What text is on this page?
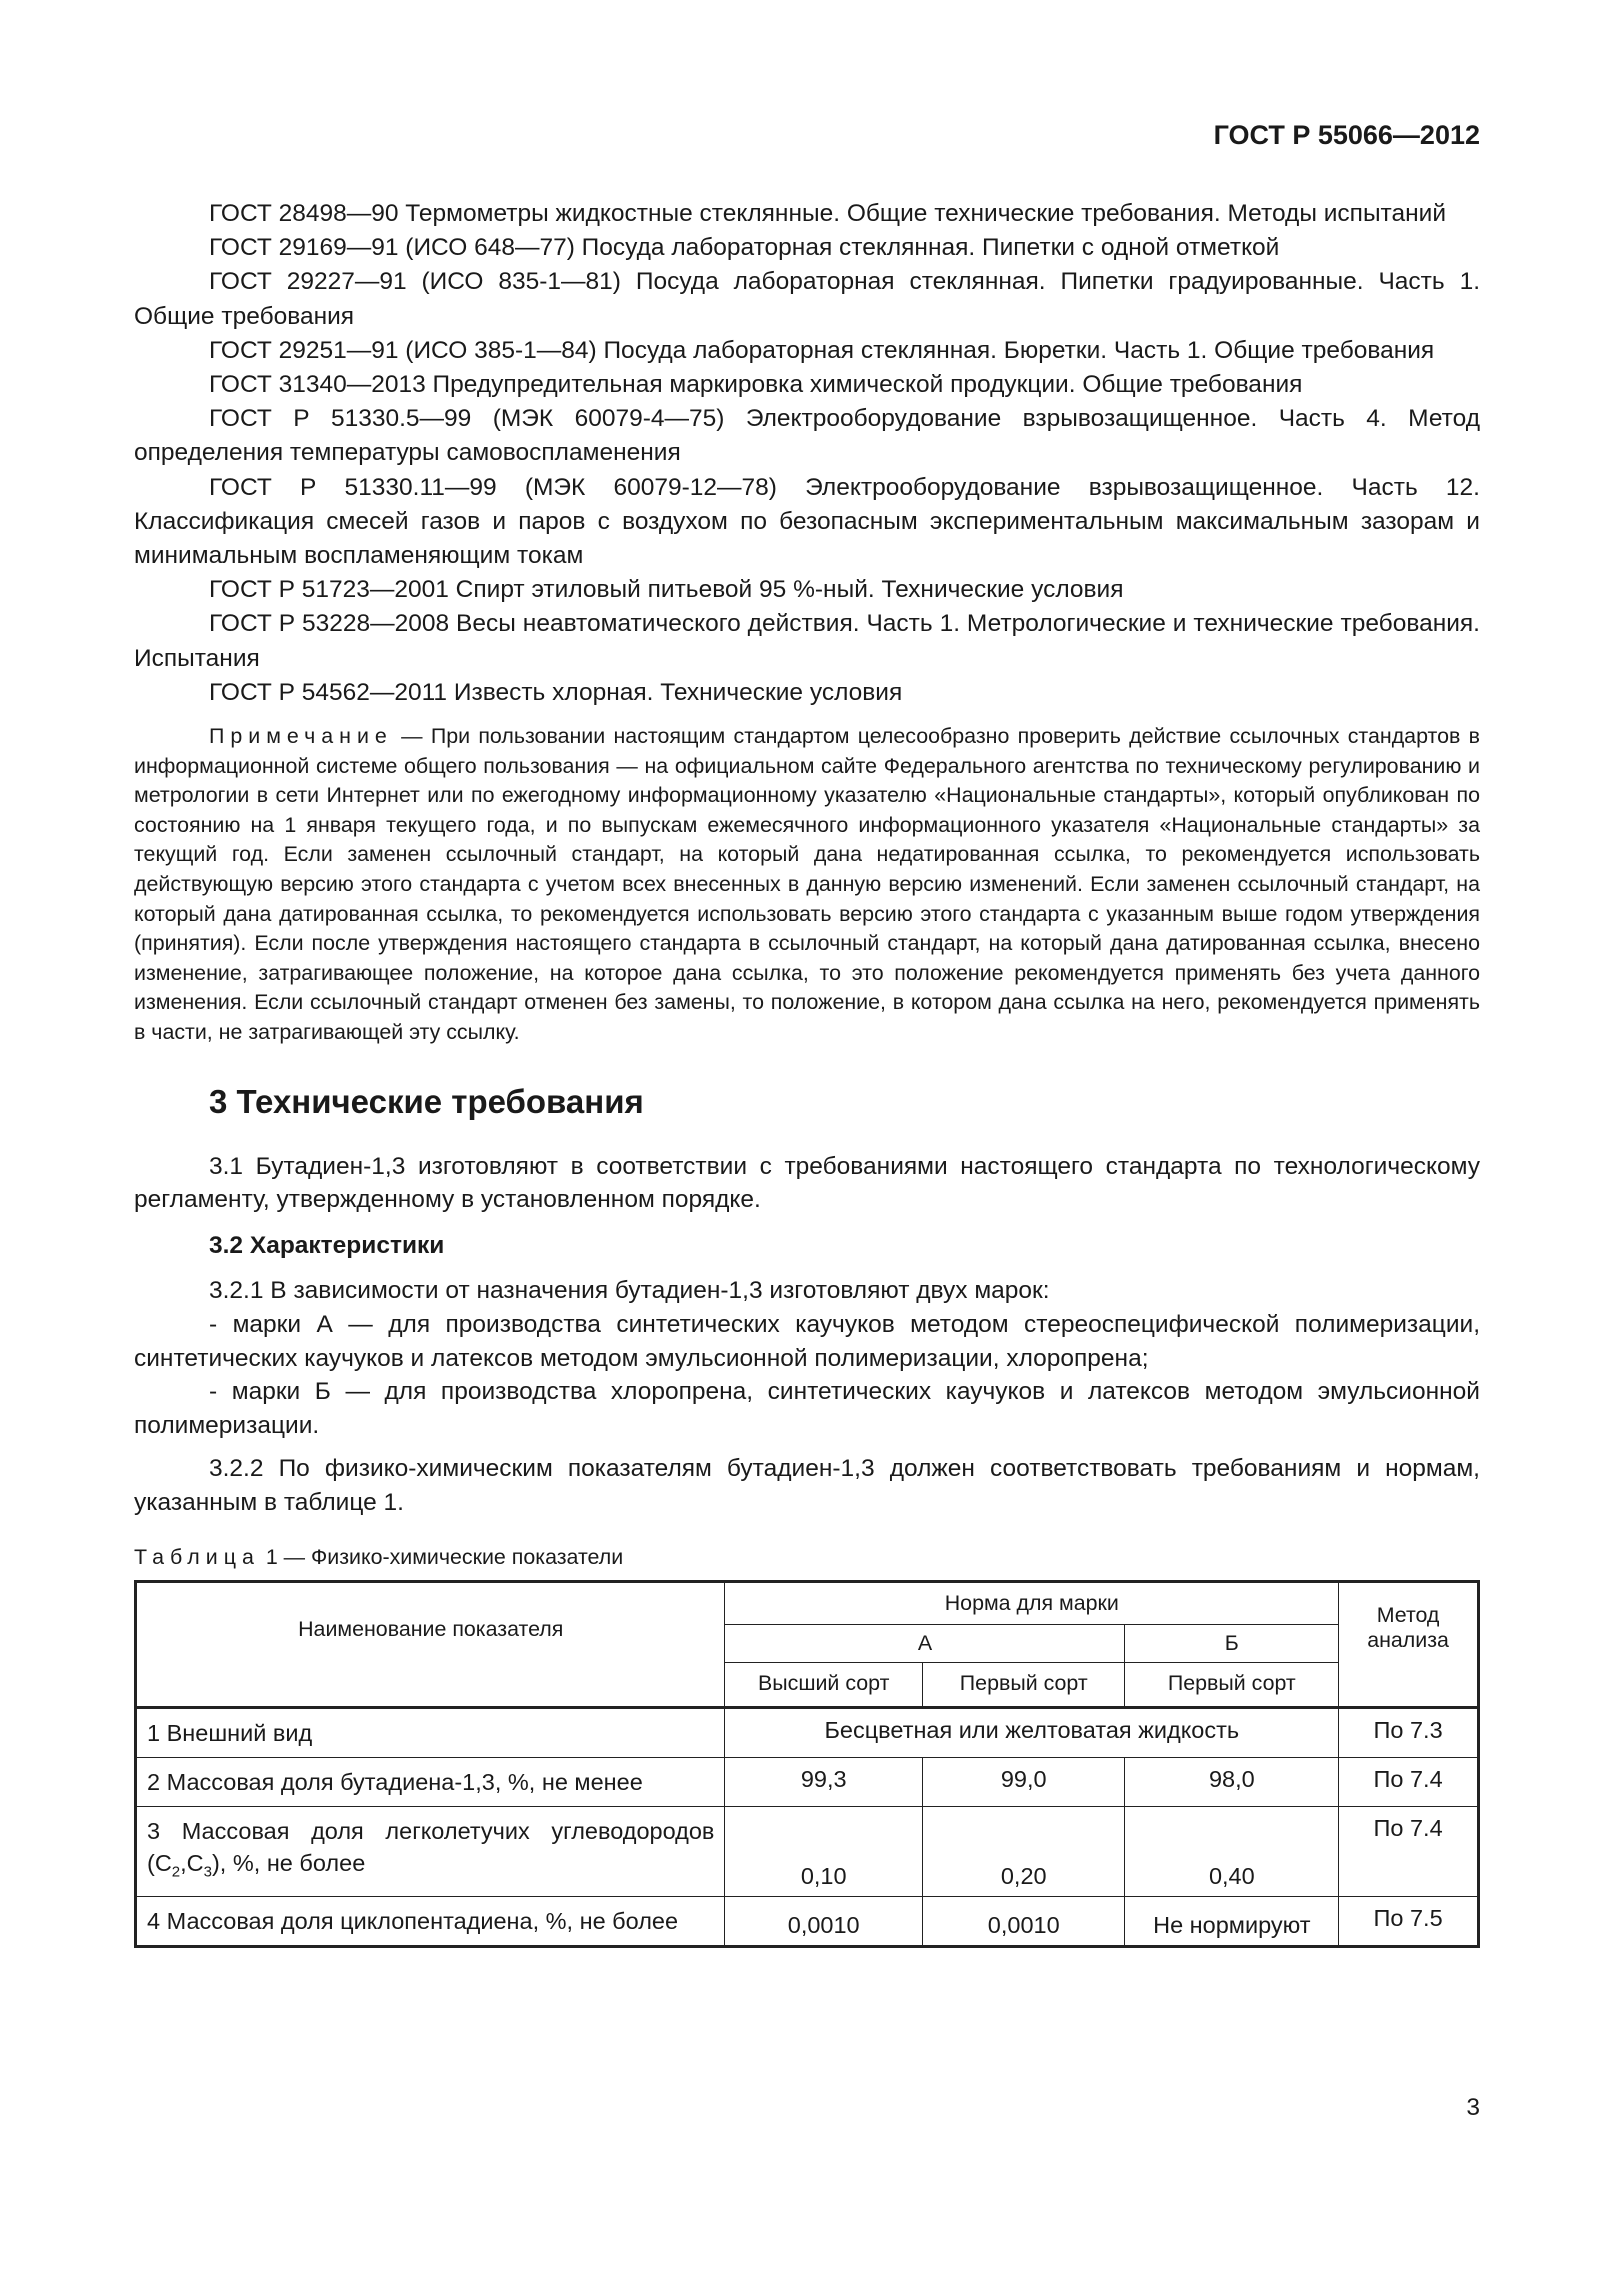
ГОСТ Р 55066—2012

ГОСТ 28498—90 Термометры жидкостные стеклянные. Общие технические требования. Методы испытаний

ГОСТ 29169—91 (ИСО 648—77) Посуда лабораторная стеклянная. Пипетки с одной отметкой

ГОСТ 29227—91 (ИСО 835-1—81) Посуда лабораторная стеклянная. Пипетки градуированные. Часть 1. Общие требования

ГОСТ 29251—91 (ИСО 385-1—84) Посуда лабораторная стеклянная. Бюретки. Часть 1. Общие требования

ГОСТ 31340—2013 Предупредительная маркировка химической продукции. Общие требования

ГОСТ Р 51330.5—99 (МЭК 60079-4—75) Электрооборудование взрывозащищенное. Часть 4. Метод определения температуры самовоспламенения

ГОСТ Р 51330.11—99 (МЭК 60079-12—78) Электрооборудование взрывозащищенное. Часть 12. Классификация смесей газов и паров с воздухом по безопасным экспериментальным максимальным зазорам и минимальным воспламеняющим токам

ГОСТ Р 51723—2001 Спирт этиловый питьевой 95 %-ный. Технические условия

ГОСТ Р 53228—2008 Весы неавтоматического действия. Часть 1. Метрологические и технические требования. Испытания

ГОСТ Р 54562—2011 Известь хлорная. Технические условия

Примечание — При пользовании настоящим стандартом целесообразно проверить действие ссылочных стандартов в информационной системе общего пользования — на официальном сайте Федерального агентства по техническому регулированию и метрологии в сети Интернет или по ежегодному информационному указателю «Национальные стандарты», который опубликован по состоянию на 1 января текущего года, и по выпускам ежемесячного информационного указателя «Национальные стандарты» за текущий год. Если заменен ссылочный стандарт, на который дана недатированная ссылка, то рекомендуется использовать действующую версию этого стандарта с учетом всех внесенных в данную версию изменений. Если заменен ссылочный стандарт, на который дана датированная ссылка, то рекомендуется использовать версию этого стандарта с указанным выше годом утверждения (принятия). Если после утверждения настоящего стандарта в ссылочный стандарт, на который дана датированная ссылка, внесено изменение, затрагивающее положение, на которое дана ссылка, то это положение рекомендуется применять без учета данного изменения. Если ссылочный стандарт отменен без замены, то положение, в котором дана ссылка на него, рекомендуется применять в части, не затрагивающей эту ссылку.

3 Технические требования

3.1 Бутадиен-1,3 изготовляют в соответствии с требованиями настоящего стандарта по технологическому регламенту, утвержденному в установленном порядке.

3.2 Характеристики

3.2.1 В зависимости от назначения бутадиен-1,3 изготовляют двух марок:

- марки А — для производства синтетических каучуков методом стереоспецифической полимеризации, синтетических каучуков и латексов методом эмульсионной полимеризации, хлоропрена;

- марки Б — для производства хлоропрена, синтетических каучуков и латексов методом эмульсионной полимеризации.

3.2.2 По физико-химическим показателям бутадиен-1,3 должен соответствовать требованиям и нормам, указанным в таблице 1.

Таблица 1 — Физико-химические показатели
Наименование показателя	Норма для марки			Метод анализа
	А		Б	
	Высший сорт	Первый сорт	Первый сорт	
1 Внешний вид	Бесцветная или желтоватая жидкость			По 7.3
2 Массовая доля бутадиена-1,3, %, не менее	99,3	99,0	98,0	По 7.4
3 Массовая доля легколетучих углеводородов $(C_2,C_3)$, %, не более	0,10	0,20	0,40	По 7.4
4 Массовая доля циклопентадиена, %, не более	0,0010	0,0010	Не нормируют	По 7.5
3
